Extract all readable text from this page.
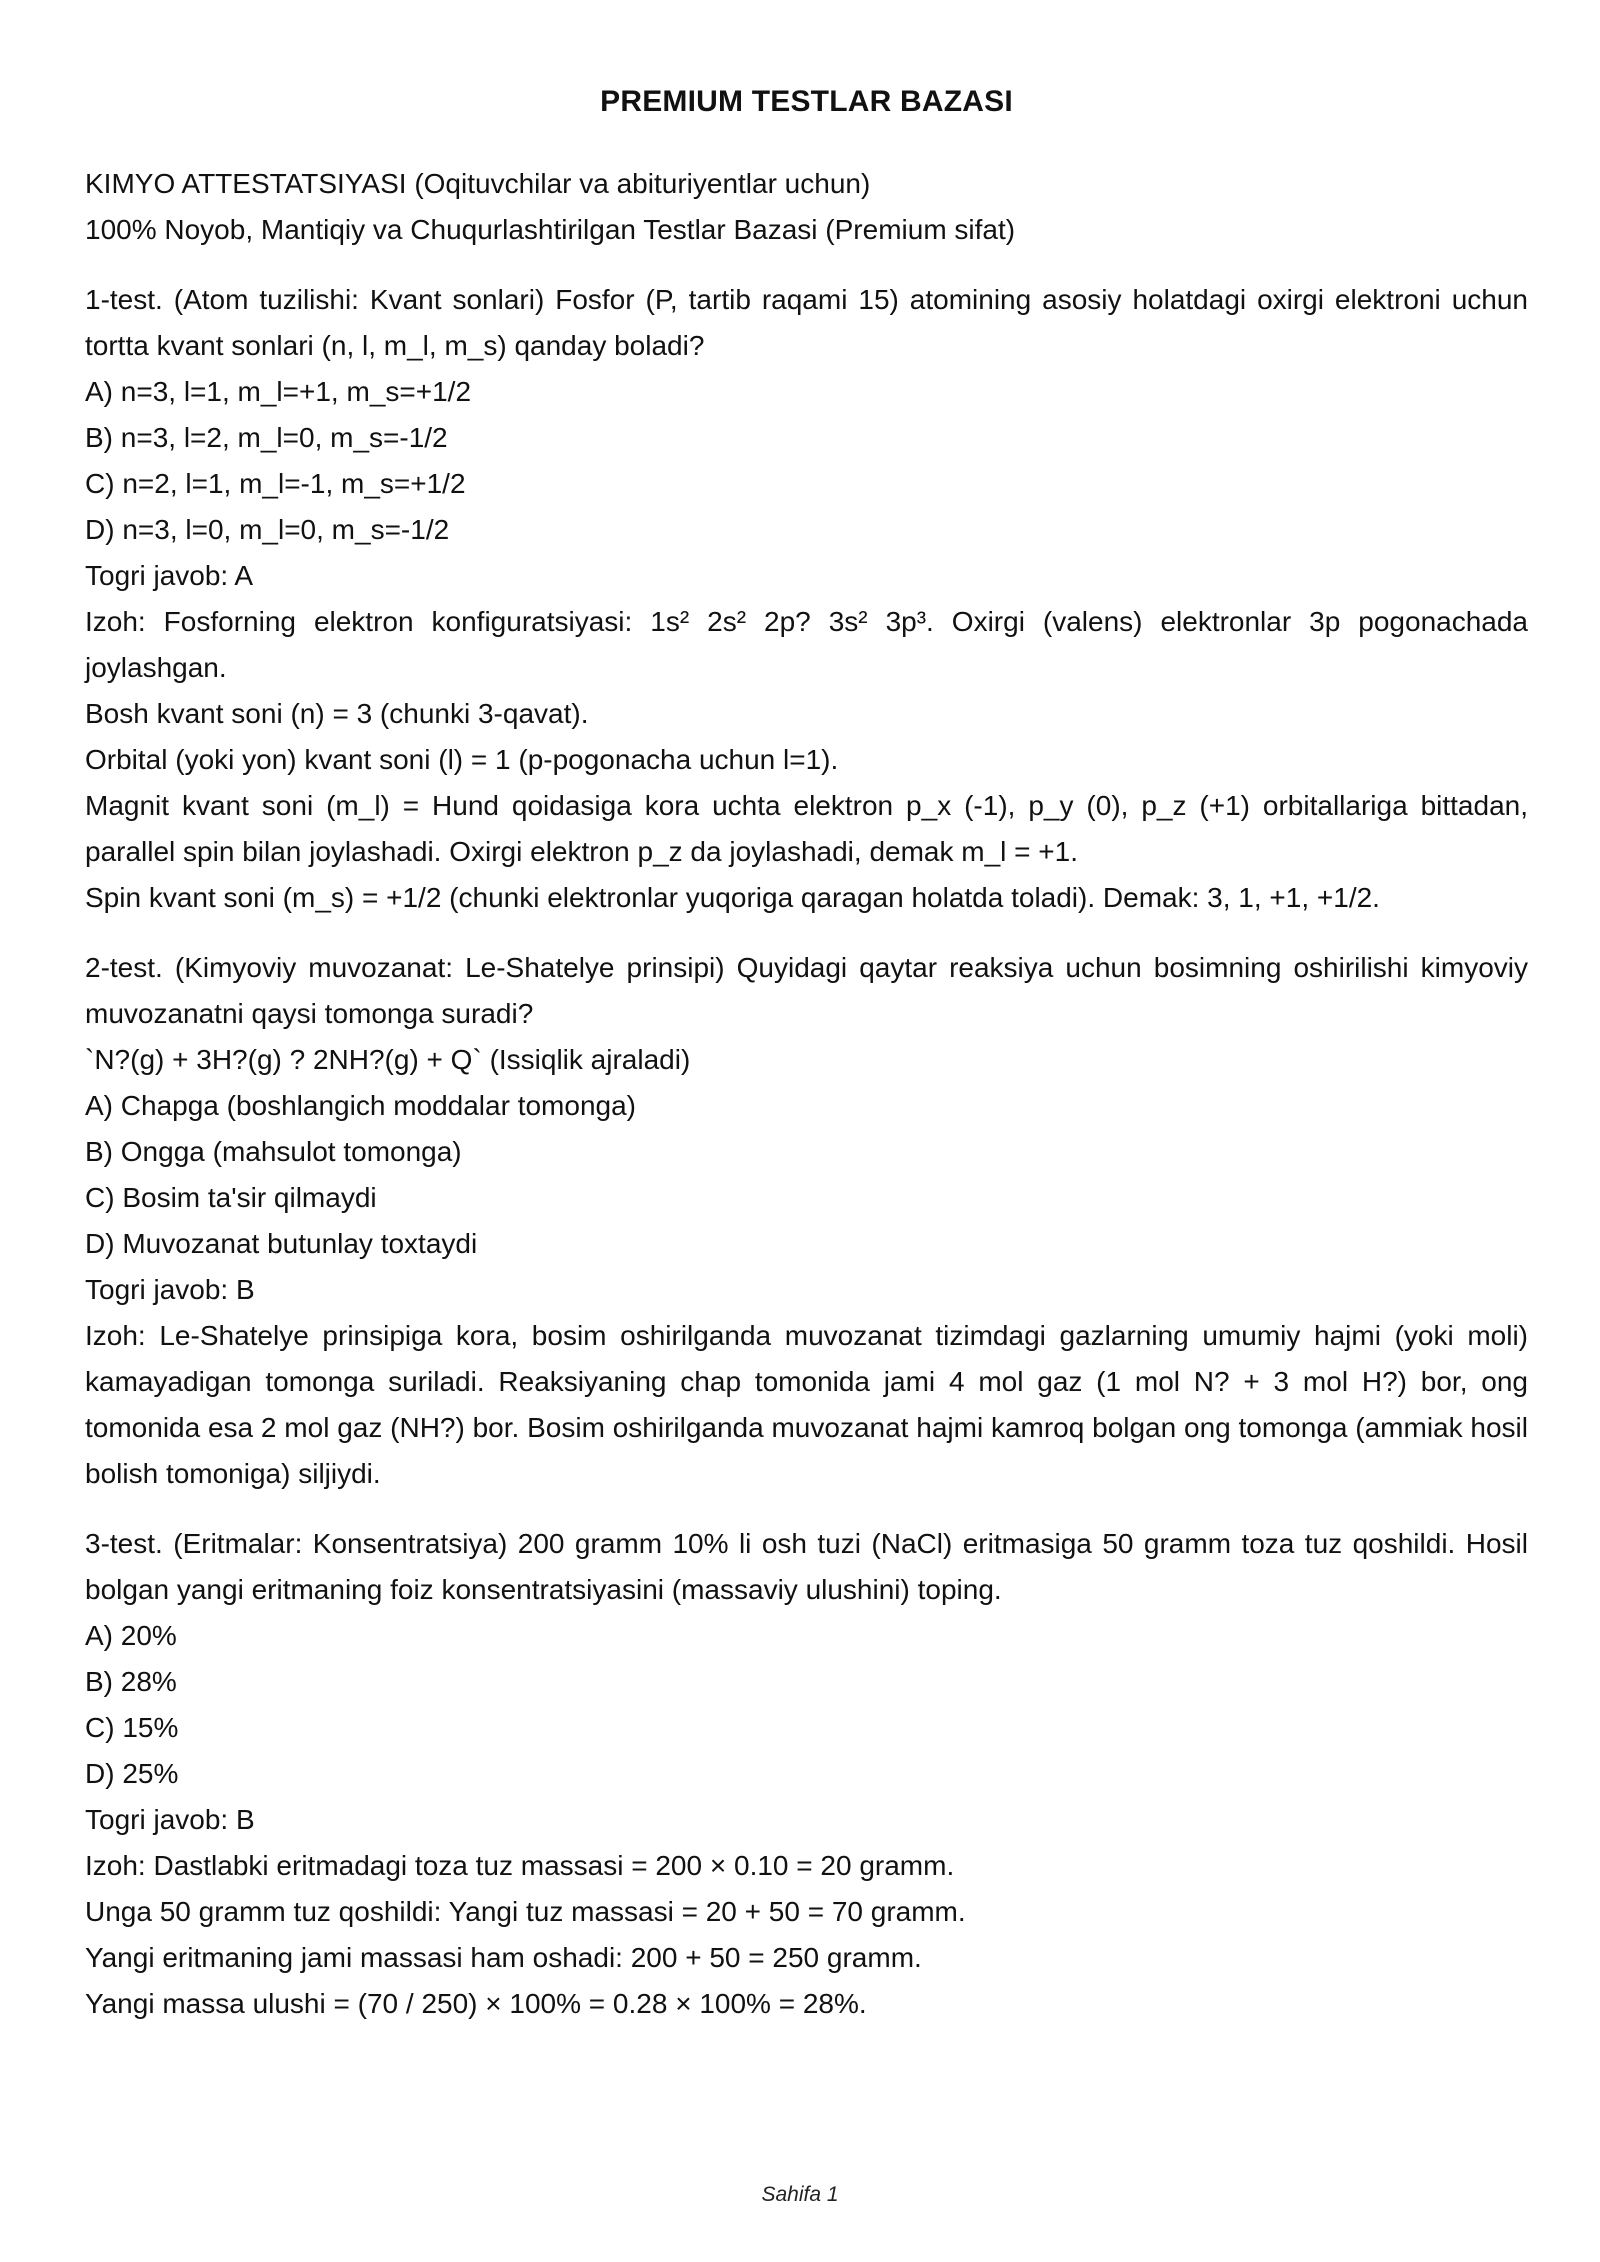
PREMIUM TESTLAR BAZASI

KIMYO ATTESTATSIYASI (Oqituvchilar va abituriyentlar uchun)

100% Noyob, Mantiqiy va Chuqurlashtirilgan Testlar Bazasi (Premium sifat)

1-test. (Atom tuzilishi: Kvant sonlari) Fosfor (P, tartib raqami 15) atomining asosiy holatdagi oxirgi elektroni uchun tortta kvant sonlari (n, l, m_l, m_s) qanday boladi?

A) n=3, l=1, m_l=+1, m_s=+1/2

B) n=3, l=2, m_l=0, m_s=-1/2

C) n=2, l=1, m_l=-1, m_s=+1/2

D) n=3, l=0, m_l=0, m_s=-1/2

Togri javob: A

Izoh: Fosforning elektron konfiguratsiyasi: 1s² 2s² 2p? 3s² 3p³. Oxirgi (valens) elektronlar 3p pogonachada joylashgan.

Bosh kvant soni (n) = 3 (chunki 3-qavat).

Orbital (yoki yon) kvant soni (l) = 1 (p-pogonacha uchun l=1).

Magnit kvant soni (m_l) = Hund qoidasiga kora uchta elektron p_x (-1), p_y (0), p_z (+1) orbitallariga bittadan, parallel spin bilan joylashadi. Oxirgi elektron p_z da joylashadi, demak m_l = +1.

Spin kvant soni (m_s) = +1/2 (chunki elektronlar yuqoriga qaragan holatda toladi). Demak: 3, 1, +1, +1/2.

2-test. (Kimyoviy muvozanat: Le-Shatelye prinsipi) Quyidagi qaytar reaksiya uchun bosimning oshirilishi kimyoviy muvozanatni qaysi tomonga suradi?

`N?(g) + 3H?(g) ? 2NH?(g) + Q` (Issiqlik ajraladi)

A) Chapga (boshlangich moddalar tomonga)

B) Ongga (mahsulot tomonga)

C) Bosim ta'sir qilmaydi

D) Muvozanat butunlay toxtaydi

Togri javob: B

Izoh: Le-Shatelye prinsipiga kora, bosim oshirilganda muvozanat tizimdagi gazlarning umumiy hajmi (yoki moli) kamayadigan tomonga suriladi. Reaksiyaning chap tomonida jami 4 mol gaz (1 mol N? + 3 mol H?) bor, ong tomonida esa 2 mol gaz (NH?) bor. Bosim oshirilganda muvozanat hajmi kamroq bolgan ong tomonga (ammiak hosil bolish tomoniga) siljiydi.

3-test. (Eritmalar: Konsentratsiya) 200 gramm 10% li osh tuzi (NaCl) eritmasiga 50 gramm toza tuz qoshildi. Hosil bolgan yangi eritmaning foiz konsentratsiyasini (massaviy ulushini) toping.

A) 20%

B) 28%

C) 15%

D) 25%

Togri javob: B

Izoh: Dastlabki eritmadagi toza tuz massasi = 200 × 0.10 = 20 gramm.

Unga 50 gramm tuz qoshildi: Yangi tuz massasi = 20 + 50 = 70 gramm.

Yangi eritmaning jami massasi ham oshadi: 200 + 50 = 250 gramm.

Yangi massa ulushi = (70 / 250) × 100% = 0.28 × 100% = 28%.

Sahifa 1
